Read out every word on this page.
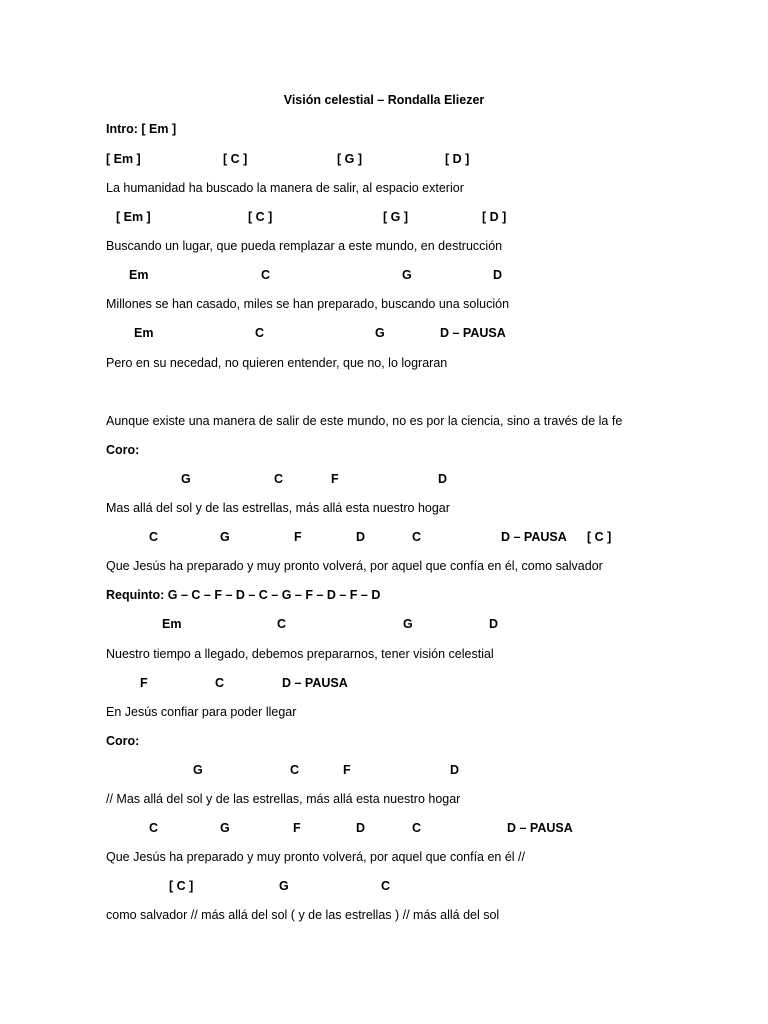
Visión celestial – Rondalla Eliezer
Intro: [ Em ]
[ Em ]	[ C ]	[ G ]	[ D ]
La humanidad ha buscado la manera de salir, al espacio exterior
[ Em ]	[ C ]	[ G ]	[ D ]
Buscando un lugar, que pueda remplazar a este mundo, en destrucción
Em	C	G	D
Millones se han casado, miles se han preparado, buscando una solución
Em	C	G	D – PAUSA
Pero en su necedad, no quieren entender, que no, lo lograran
Aunque existe una manera de salir de este mundo, no es por la ciencia, sino a través de la fe
Coro:
G	C	F	D
Mas allá del sol y de las estrellas, más allá esta nuestro hogar
C	G	F	D	C	D – PAUSA [ C ]
Que Jesús ha preparado y muy pronto volverá, por aquel que confía en él, como salvador
Requinto: G – C – F – D – C – G – F – D – F – D
Em	C	G	D
Nuestro tiempo a llegado, debemos prepararnos, tener visión celestial
F	C	D – PAUSA
En Jesús confiar para poder llegar
Coro:
G	C	F	D
// Mas allá del sol y de las estrellas, más allá esta nuestro hogar
C	G	F	D	C	D – PAUSA
Que Jesús ha preparado y muy pronto volverá, por aquel que confía en él //
[ C ]	G	C
como salvador // más allá del sol ( y de las estrellas ) // más allá del sol
